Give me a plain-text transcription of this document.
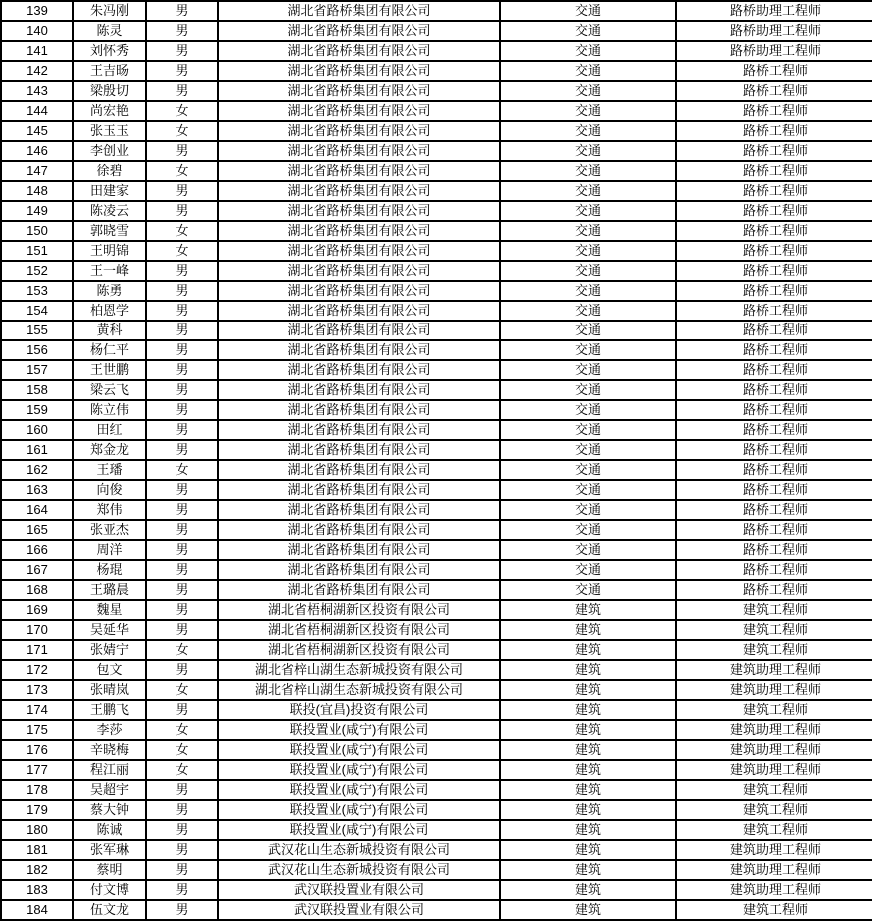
139	朱冯刚	男	湖北省路桥集团有限公司	交通	路桥助理工程师
140	陈灵	男	湖北省路桥集团有限公司	交通	路桥助理工程师
141	刘怀秀	男	湖北省路桥集团有限公司	交通	路桥助理工程师
142	王吉旸	男	湖北省路桥集团有限公司	交通	路桥工程师
143	梁殷切	男	湖北省路桥集团有限公司	交通	路桥工程师
144	尚宏艳	女	湖北省路桥集团有限公司	交通	路桥工程师
145	张玉玉	女	湖北省路桥集团有限公司	交通	路桥工程师
146	李创业	男	湖北省路桥集团有限公司	交通	路桥工程师
147	徐碧	女	湖北省路桥集团有限公司	交通	路桥工程师
148	田建家	男	湖北省路桥集团有限公司	交通	路桥工程师
149	陈凌云	男	湖北省路桥集团有限公司	交通	路桥工程师
150	郭晓雪	女	湖北省路桥集团有限公司	交通	路桥工程师
151	王明锦	女	湖北省路桥集团有限公司	交通	路桥工程师
152	王一峰	男	湖北省路桥集团有限公司	交通	路桥工程师
153	陈勇	男	湖北省路桥集团有限公司	交通	路桥工程师
154	柏恩学	男	湖北省路桥集团有限公司	交通	路桥工程师
155	黄科	男	湖北省路桥集团有限公司	交通	路桥工程师
156	杨仁平	男	湖北省路桥集团有限公司	交通	路桥工程师
157	王世鹏	男	湖北省路桥集团有限公司	交通	路桥工程师
158	梁云飞	男	湖北省路桥集团有限公司	交通	路桥工程师
159	陈立伟	男	湖北省路桥集团有限公司	交通	路桥工程师
160	田红	男	湖北省路桥集团有限公司	交通	路桥工程师
161	郑金龙	男	湖北省路桥集团有限公司	交通	路桥工程师
162	王璠	女	湖北省路桥集团有限公司	交通	路桥工程师
163	向俊	男	湖北省路桥集团有限公司	交通	路桥工程师
164	郑伟	男	湖北省路桥集团有限公司	交通	路桥工程师
165	张亚杰	男	湖北省路桥集团有限公司	交通	路桥工程师
166	周洋	男	湖北省路桥集团有限公司	交通	路桥工程师
167	杨琨	男	湖北省路桥集团有限公司	交通	路桥工程师
168	王璐晨	男	湖北省路桥集团有限公司	交通	路桥工程师
169	魏星	男	湖北省梧桐湖新区投资有限公司	建筑	建筑工程师
170	吴延华	男	湖北省梧桐湖新区投资有限公司	建筑	建筑工程师
171	张婧宁	女	湖北省梧桐湖新区投资有限公司	建筑	建筑工程师
172	包文	男	湖北省梓山湖生态新城投资有限公司	建筑	建筑助理工程师
173	张晴岚	女	湖北省梓山湖生态新城投资有限公司	建筑	建筑助理工程师
174	王鹏飞	男	联投(宜昌)投资有限公司	建筑	建筑工程师
175	李莎	女	联投置业(咸宁)有限公司	建筑	建筑助理工程师
176	辛晓梅	女	联投置业(咸宁)有限公司	建筑	建筑助理工程师
177	程江丽	女	联投置业(咸宁)有限公司	建筑	建筑助理工程师
178	吴超宇	男	联投置业(咸宁)有限公司	建筑	建筑工程师
179	蔡大钟	男	联投置业(咸宁)有限公司	建筑	建筑工程师
180	陈诚	男	联投置业(咸宁)有限公司	建筑	建筑工程师
181	张军琳	男	武汉花山生态新城投资有限公司	建筑	建筑助理工程师
182	蔡明	男	武汉花山生态新城投资有限公司	建筑	建筑助理工程师
183	付文博	男	武汉联投置业有限公司	建筑	建筑助理工程师
184	伍文龙	男	武汉联投置业有限公司	建筑	建筑工程师
